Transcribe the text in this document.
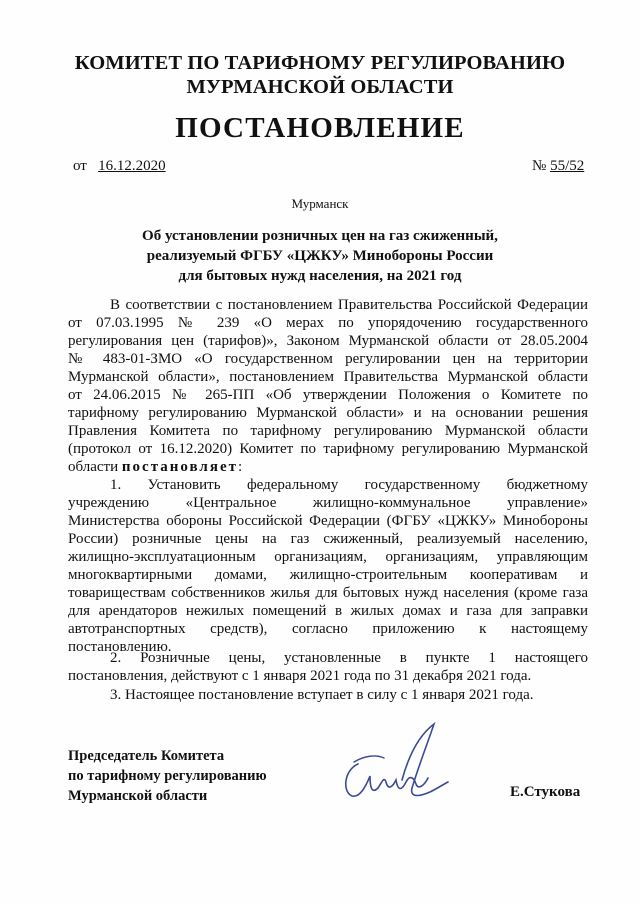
КОМИТЕТ ПО ТАРИФНОМУ РЕГУЛИРОВАНИЮ
МУРМАНСКОЙ ОБЛАСТИ
ПОСТАНОВЛЕНИЕ
от 16.12.2020	№ 55/52
Мурманск
Об установлении розничных цен на газ сжиженный,
реализуемый ФГБУ «ЦЖКУ» Минобороны России
для бытовых нужд населения, на 2021 год
В соответствии с постановлением Правительства Российской Федерации
от 07.03.1995 № 239 «О мерах по упорядочению государственного
регулирования цен (тарифов)», Законом Мурманской области от 28.05.2004
№ 483-01-ЗМО «О государственном регулировании цен на территории
Мурманской области», постановлением Правительства Мурманской области
от 24.06.2015 № 265-ПП «Об утверждении Положения о Комитете по
тарифному регулированию Мурманской области» и на основании решения
Правления Комитета по тарифному регулированию Мурманской области
(протокол от 16.12.2020) Комитет по тарифному регулированию Мурманской
области постановляет:
1. Установить федеральному государственному бюджетному
учреждению «Центральное жилищно-коммунальное управление»
Министерства обороны Российской Федерации (ФГБУ «ЦЖКУ» Минобороны
России) розничные цены на газ сжиженный, реализуемый населению,
жилищно-эксплуатационным организациям, организациям, управляющим
многоквартирными домами, жилищно-строительным кооперативам и
товариществам собственников жилья для бытовых нужд населения (кроме газа
для арендаторов нежилых помещений в жилых домах и газа для заправки
автотранспортных средств), согласно приложению к настоящему
постановлению.
2. Розничные цены, установленные в пункте 1 настоящего
постановления, действуют с 1 января 2021 года по 31 декабря 2021 года.
3. Настоящее постановление вступает в силу с 1 января 2021 года.
Председатель Комитета
по тарифному регулированию
Мурманской области	Е.Стукова
